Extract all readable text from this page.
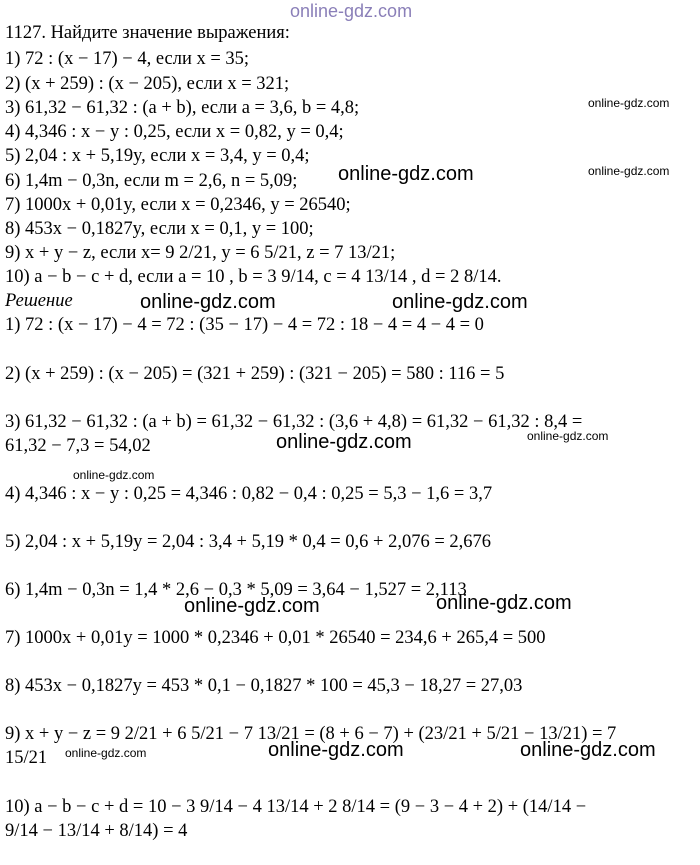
1127. Найдите значение выражения:

1) 72 : (x − 17) − 4, если x = 35;

2) (x + 259) : (x − 205), если x = 321;

3) 61,32 − 61,32 : (a + b), если a = 3,6, b = 4,8;

4) 4,346 : x − y : 0,25, если x = 0,82, y = 0,4;

5) 2,04 : x + 5,19y, если x = 3,4, y = 0,4;

6) 1,4m − 0,3n, если m = 2,6, n = 5,09;

7) 1000x + 0,01y, если x = 0,2346, y = 26540;

8) 453x − 0,1827y, если x = 0,1, y = 100;

9) x + y − z, если x= 9 2/21, y = 6 5/21, z = 7 13/21;

10) a − b − c + d, если a = 10 , b = 3 9/14, c = 4 13/14 , d = 2 8/14.

Решение

1) 72 : (x − 17) − 4 = 72 : (35 − 17) − 4 = 72 : 18 − 4 = 4 − 4 = 0

2) (x + 259) : (x − 205) = (321 + 259) : (321 − 205) = 580 : 116 = 5

3) 61,32 − 61,32 : (a + b) = 61,32 − 61,32 : (3,6 + 4,8) = 61,32 − 61,32 : 8,4 =

61,32 − 7,3 = 54,02

4) 4,346 : x − y : 0,25 = 4,346 : 0,82 − 0,4 : 0,25 = 5,3 − 1,6 = 3,7

5) 2,04 : x + 5,19y = 2,04 : 3,4 + 5,19 * 0,4 = 0,6 + 2,076 = 2,676

6) 1,4m − 0,3n = 1,4 * 2,6 − 0,3 * 5,09 = 3,64 − 1,527 = 2,113

7) 1000x + 0,01y = 1000 * 0,2346 + 0,01 * 26540 = 234,6 + 265,4 = 500

8) 453x − 0,1827y = 453 * 0,1 − 0,1827 * 100 = 45,3 − 18,27 = 27,03

9) x + y − z = 9 2/21 + 6 5/21 − 7 13/21 = (8 + 6 − 7) + (23/21 + 5/21 − 13/21) = 7

15/21

10) a − b − c + d = 10 − 3 9/14 − 4 13/14 + 2 8/14 = (9 − 3 − 4 + 2) + (14/14 −

9/14 − 13/14 + 8/14) = 4

online-gdz.com
online-gdz.com
online-gdz.com
online-gdz.com
online-gdz.com	online-gdz.com
online-gdz.com	online-gdz.com
online-gdz.com
online-gdz.com	online-gdz.com
online-gdz.com	online-gdz.com	online-gdz.com
